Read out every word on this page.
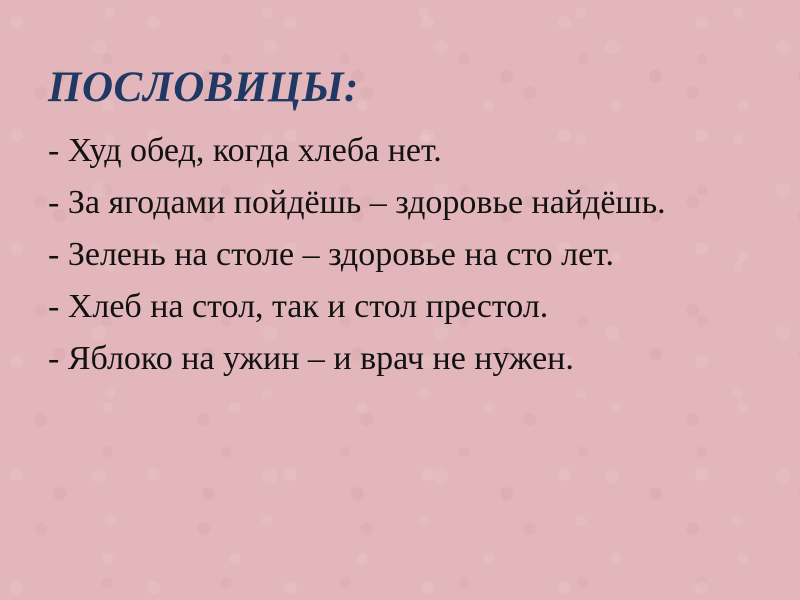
ПОСЛОВИЦЫ:

- Худ обед, когда хлеба нет.

- За ягодами пойдёшь – здоровье найдёшь.

- Зелень на столе – здоровье на сто лет.

- Хлеб на стол, так и стол престол.

- Яблоко на ужин – и врач не нужен.
